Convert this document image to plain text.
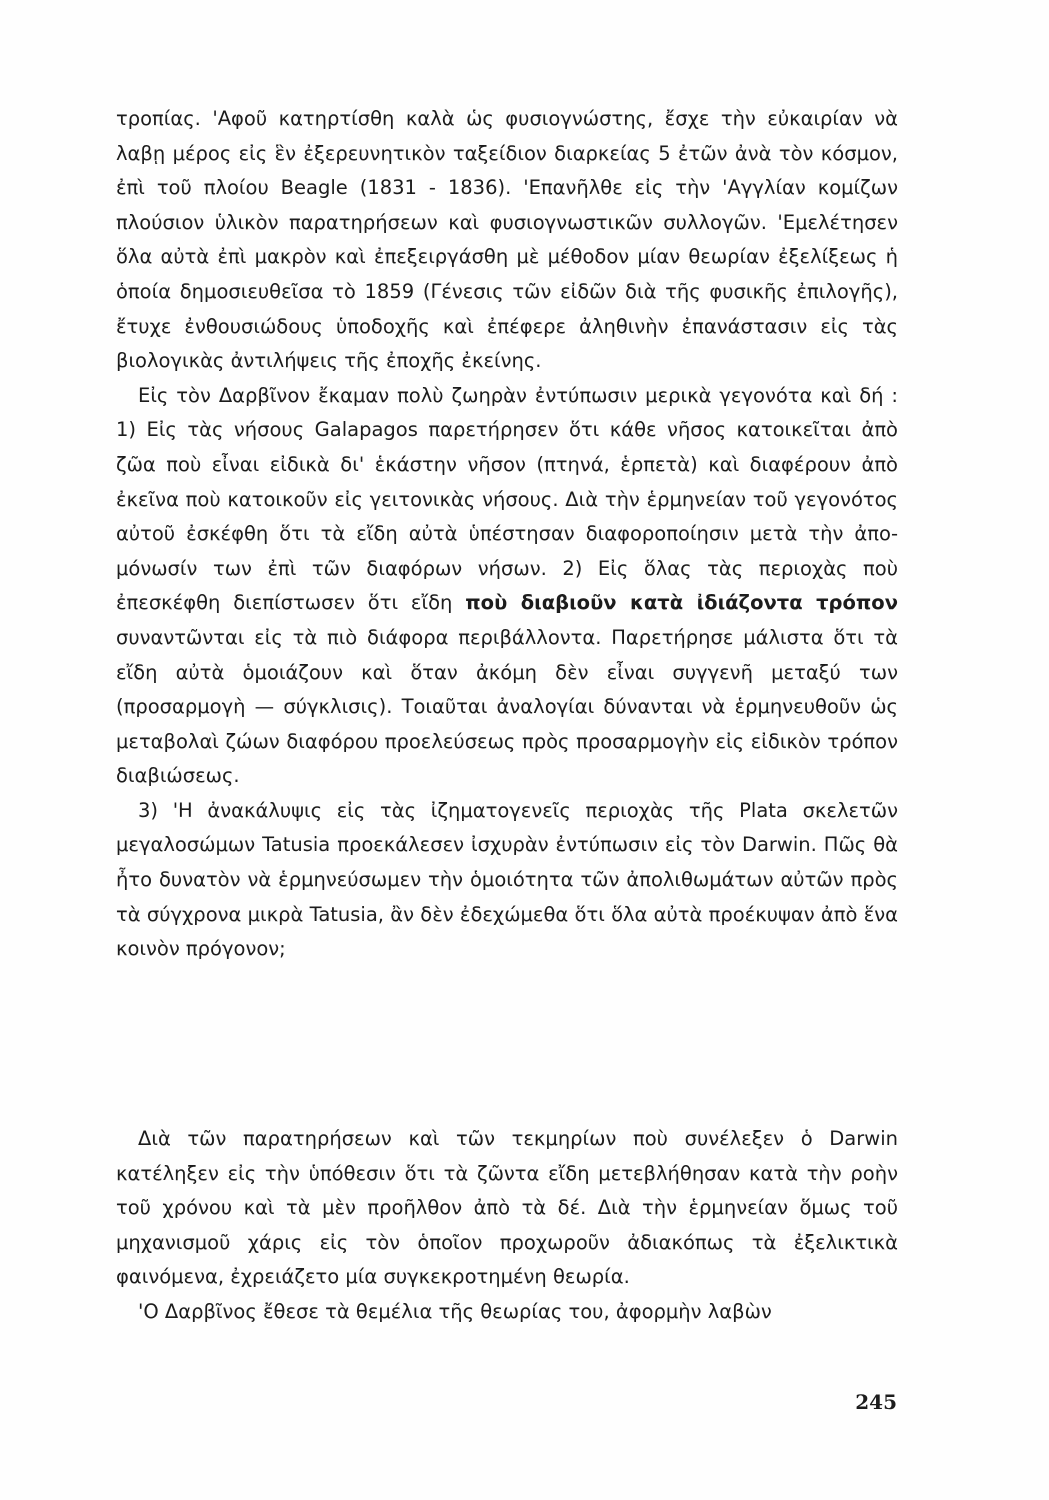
τροπίας. 'Αφοῦ κατηρτίσθη καλὰ ὡς φυσιογνώστης, ἔσχε τὴν εὐκαιρίαν νὰ λαβῃ μέρος εἰς ἓν ἐξερευνητικὸν ταξείδιον διαρκείας 5 ἐτῶν ἀνὰ τὸν κόσμον, ἐπὶ τοῦ πλοίου Beagle (1831 - 1836). 'Επανῆλθε εἰς τὴν 'Αγγλίαν κομίζων πλούσιον ὑλικὸν παρατηρήσεων καὶ φυσιογνωστικῶν συλλογῶν. 'Εμελέτησεν ὅλα αὐτὰ ἐπὶ μακρὸν καὶ ἐπεξειργάσθη μὲ μέθοδον μίαν θεωρίαν ἐξελίξεως ἡ ὁποία δημοσιευθεῖσα τὸ 1859 (Γένεσις τῶν εἰδῶν διὰ τῆς φυσικῆς ἐπιλογῆς), ἔτυχε ἐνθουσιώδους ὑποδοχῆς καὶ ἐπέφερε ἀληθινὴν ἐπανάστασιν εἰς τὰς βιολογικὰς ἀντιλήψεις τῆς ἐποχῆς ἐκείνης.

Εἰς τὸν Δαρβῖνον ἔκαμαν πολὺ ζωηρὰν ἐντύπωσιν μερικὰ γεγονότα καὶ δή : 1) Εἰς τὰς νήσους Galapagos παρετήρησεν ὅτι κάθε νῆσος κατοικεῖται ἀπὸ ζῶα ποὺ εἶναι εἰδικὰ δι' ἑκάστην νῆσον (πτηνά, ἑρπετὰ) καὶ διαφέρουν ἀπὸ ἐκεῖνα ποὺ κατοικοῦν εἰς γειτονικὰς νήσους. Διὰ τὴν ἑρμηνείαν τοῦ γεγονότος αὐτοῦ ἐσκέφθη ὅτι τὰ εἴδη αὐτὰ ὑπέστησαν διαφοροποίησιν μετὰ τὴν ἀπομόνωσίν των ἐπὶ τῶν διαφόρων νήσων. 2) Εἰς ὅλας τὰς περιοχὰς ποὺ ἐπεσκέφθη διεπίστωσεν ὅτι εἴδη ποὺ διαβιοῦν κατὰ ἰδιάζοντα τρόπον συναντῶνται εἰς τὰ πιὸ διάφορα περιβάλλοντα. Παρετήρησε μάλιστα ὅτι τὰ εἴδη αὐτὰ ὁμοιάζουν καὶ ὅταν ἀκόμη δὲν εἶναι συγγενῆ μεταξύ των (προσαρμογὴ — σύγκλισις). Τοιαῦται ἀναλογίαι δύνανται νὰ ἑρμηνευθοῦν ὡς μεταβολαὶ ζώων διαφόρου προελεύσεως πρὸς προσαρμογὴν εἰς εἰδικὸν τρόπον διαβιώσεως.

3) 'Η ἀνακάλυψις εἰς τὰς ἰζηματογενεῖς περιοχὰς τῆς Plata σκελετῶν μεγαλοσώμων Tatusia προεκάλεσεν ἰσχυρὰν ἐντύπωσιν εἰς τὸν Darwin. Πῶς θὰ ἦτο δυνατὸν νὰ ἑρμηνεύσωμεν τὴν ὁμοιότητα τῶν ἀπολιθωμάτων αὐτῶν πρὸς τὰ σύγχρονα μικρὰ Tatusia, ἂν δὲν ἐδεχώμεθα ὅτι ὅλα αὐτὰ προέκυψαν ἀπὸ ἕνα κοινὸν πρόγονον;

Διὰ τῶν παρατηρήσεων καὶ τῶν τεκμηρίων ποὺ συνέλεξεν ὁ Darwin κατέληξεν εἰς τὴν ὑπόθεσιν ὅτι τὰ ζῶντα εἴδη μετεβλήθησαν κατὰ τὴν ροὴν τοῦ χρόνου καὶ τὰ μὲν προῆλθον ἀπὸ τὰ δέ. Διὰ τὴν ἑρμηνείαν ὅμως τοῦ μηχανισμοῦ χάρις εἰς τὸν ὁποῖον προχωροῦν ἀδιακόπως τὰ ἐξελικτικὰ φαινόμενα, ἐχρειάζετο μία συγκεκροτημένη θεωρία.

'Ο Δαρβῖνος ἔθεσε τὰ θεμέλια τῆς θεωρίας του, ἀφορμὴν λαβὼν

245
